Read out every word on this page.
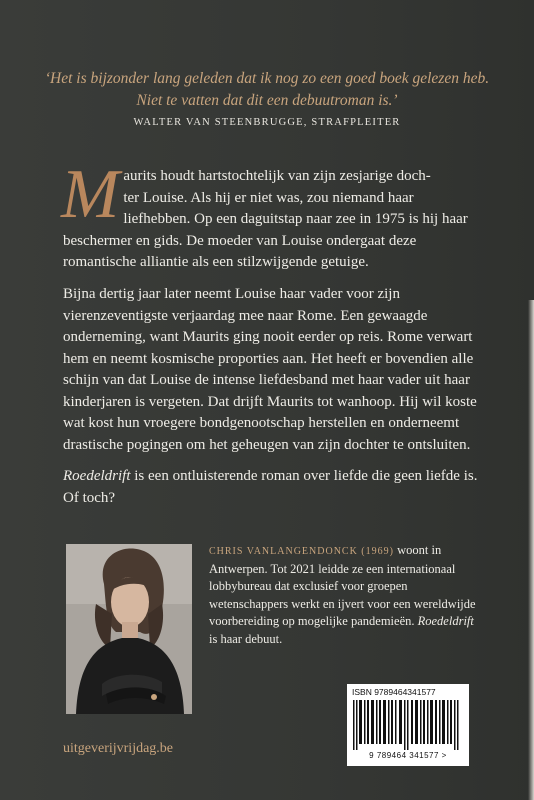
‘Het is bijzonder lang geleden dat ik nog zo een goed boek gelezen heb.
Niet te vatten dat dit een debuutroman is.’
WALTER VAN STEENBRUGGE, STRAFPLEITER
M aurits houdt hartstochtelijk van zijn zesjarige doch-
ter Louise. Als hij er niet was, zou niemand haar
liefhebben. Op een daguitstap naar zee in 1975 is hij haar beschermer en gids. De moeder van Louise ondergaat deze romantische alliantie als een stilzwijgende getuige.
Bijna dertig jaar later neemt Louise haar vader voor zijn vierenzeventigste verjaardag mee naar Rome. Een gewaagde onderneming, want Maurits ging nooit eerder op reis. Rome verwart hem en neemt kosmische proporties aan. Het heeft er bovendien alle schijn van dat Louise de intense liefdesband met haar vader uit haar kinderjaren is vergeten. Dat drijft Maurits tot wanhoop. Hij wil koste wat kost hun vroegere bondgenootschap herstellen en onderneemt drastische pogingen om het geheugen van zijn dochter te ontsluiten.
Roedeldrift is een ontluisterende roman over liefde die geen liefde is. Of toch?
CHRIS VANLANGENDONCK (1969) woont in Antwerpen. Tot 2021 leidde ze een internationaal lobbybureau dat exclusief voor groepen wetenschappers werkt en ijvert voor een wereldwijde voorbereiding op mogelijke pandemieën. Roedeldrift is haar debuut.
ISBN 9789464341577
9 789464 341577 >
uitgeverijvrijdag.be
